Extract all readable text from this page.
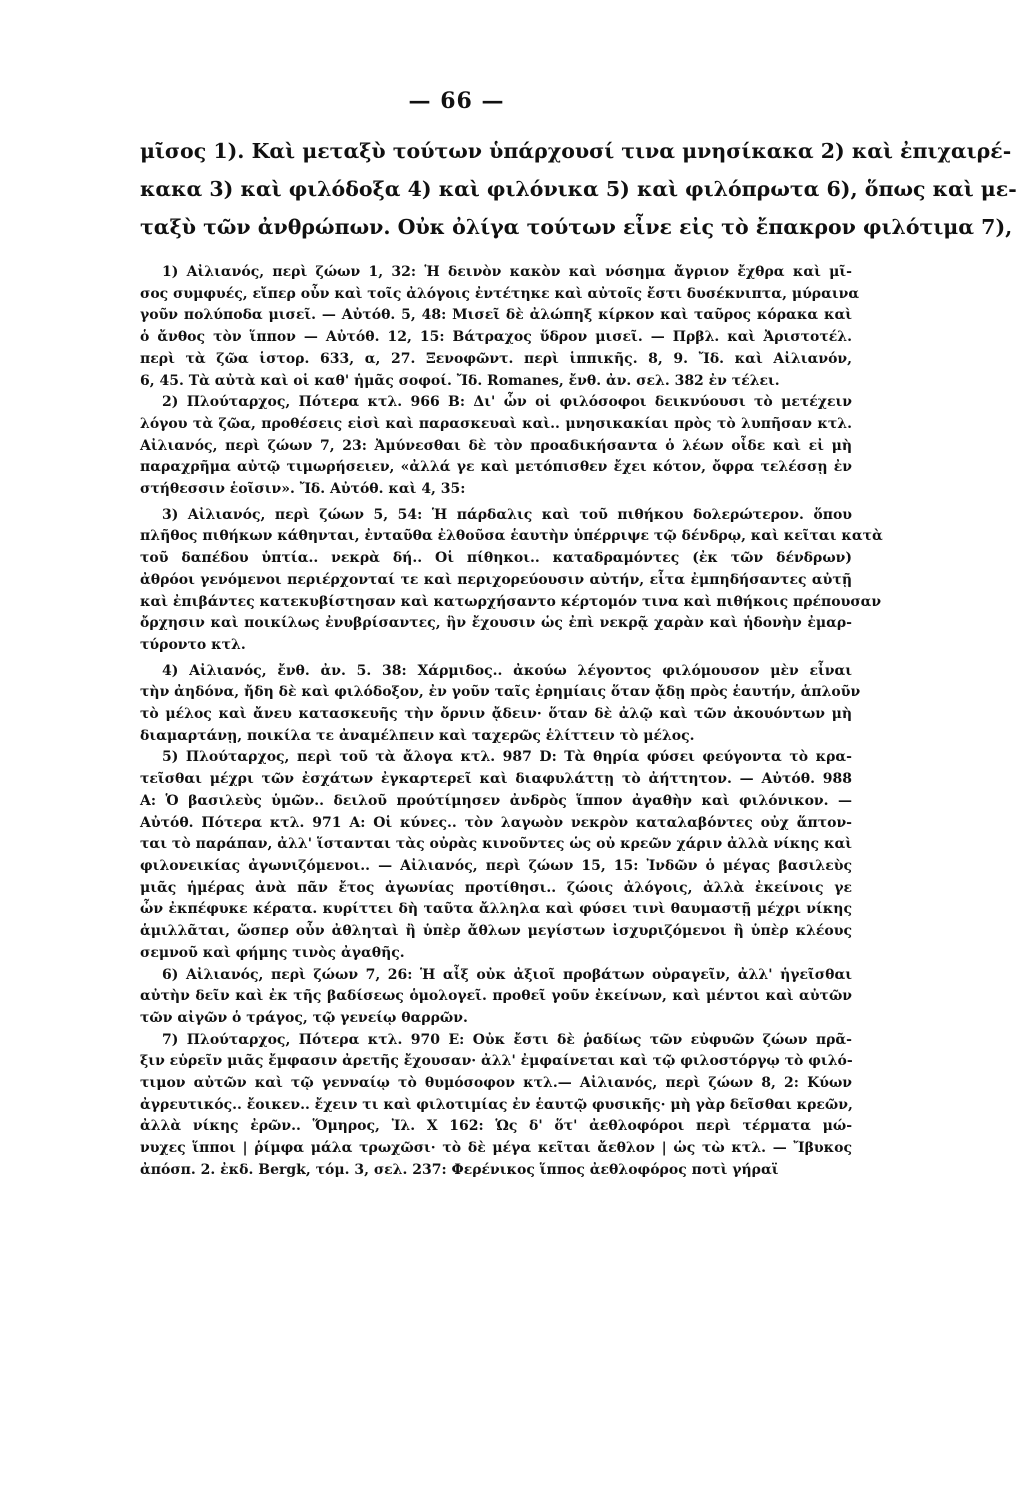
— 66 —
μῖσος 1). Καὶ μεταξὺ τούτων ὑπάρχουσί τινα μνησίκακα 2) καὶ ἐπιχαιρέ-
κακα 3) καὶ φιλόδοξα 4) καὶ φιλόνικα 5) καὶ φιλόπρωτα 6), ὅπως καὶ με-
ταξὺ τῶν ἀνθρώπων. Οὐκ ὀλίγα τούτων εἶνε εἰς τὸ ἔπακρον φιλότιμα 7),
1) Αἰλιανός, περὶ ζώων 1, 32: Ἡ δεινὸν κακὸν καὶ νόσημα ἄγριον ἔχθρα καὶ μῖ-
σος συμφυές, εἴπερ οὖν καὶ τοῖς ἀλόγοις ἐντέτηκε καὶ αὐτοῖς ἔστι δυσέκνιπτα, μύραινα
γοῦν πολύποδα μισεῖ. — Αὐτόθ. 5, 48: Μισεῖ δὲ ἀλώπηξ κίρκον καὶ ταῦρος κόρακα καὶ
ὁ ἄνθος τὸν ἵππον — Αὐτόθ. 12, 15: Βάτραχος ὕδρον μισεῖ. — Πρβλ. καὶ Ἀριστοτέλ.
περὶ τὰ ζῶα ἱστορ. 633, α, 27. Ξενοφῶντ. περὶ ἱππικῆς. 8, 9. Ἴδ. καὶ Αἰλιανόν,
6, 45. Τὰ αὐτὰ καὶ οἱ καθ' ἡμᾶς σοφοί. Ἴδ. Romanes, ἔνθ. ἀν. σελ. 382 ἐν τέλει.
2) Πλούταρχος, Πότερα κτλ. 966 Β: Δι' ὧν οἱ φιλόσοφοι δεικνύουσι τὸ μετέχειν
λόγου τὰ ζῶα, προθέσεις εἰσὶ καὶ παρασκευαὶ καὶ.. μνησικακίαι πρὸς τὸ λυπῆσαν κτλ.
Αἰλιανός, περὶ ζώων 7, 23: Ἀμύνεσθαι δὲ τὸν προαδικήσαντα ὁ λέων οἶδε καὶ εἰ μὴ
παραχρῆμα αὐτῷ τιμωρήσειεν, «ἀλλά γε καὶ μετόπισθεν ἔχει κότον, ὄφρα τελέσσῃ ἐν
στήθεσσιν ἑοῖσιν». Ἴδ. Αὐτόθ. καὶ 4, 35:
3) Αἰλιανός, περὶ ζώων 5, 54: Ἡ πάρδαλις καὶ τοῦ πιθήκου δολερώτερον. ὅπου
πλῆθος πιθήκων κάθηνται, ἐνταῦθα ἐλθοῦσα ἑαυτὴν ὑπέρριψε τῷ δένδρῳ, καὶ κεῖται κατὰ
τοῦ δαπέδου ὑπτία.. νεκρὰ δή.. Οἱ πίθηκοι.. καταδραμόντες (ἐκ τῶν δένδρων)
ἀθρόοι γενόμενοι περιέρχονταί τε καὶ περιχορεύουσιν αὐτήν, εἶτα ἐμπηδήσαντες αὐτῇ
καὶ ἐπιβάντες κατεκυβίστησαν καὶ κατωρχήσαντο κέρτομόν τινα καὶ πιθήκοις πρέπουσαν
ὄρχησιν καὶ ποικίλως ἐνυβρίσαντες, ἣν ἔχουσιν ὡς ἐπὶ νεκρᾷ χαρὰν καὶ ἡδονὴν ἐμαρ-
τύροντο κτλ.
4) Αἰλιανός, ἔνθ. ἀν. 5. 38: Χάρμιδος.. ἀκούω λέγοντος φιλόμουσον μὲν εἶναι
τὴν ἀηδόνα, ἤδη δὲ καὶ φιλόδοξον, ἐν γοῦν ταῖς ἐρημίαις ὅταν ᾄδῃ πρὸς ἑαυτήν, ἁπλοῦν
τὸ μέλος καὶ ἄνευ κατασκευῆς τὴν ὄρνιν ᾄδειν· ὅταν δὲ ἀλῷ καὶ τῶν ἀκουόντων μὴ
διαμαρτάνῃ, ποικίλα τε ἀναμέλπειν καὶ ταχερῶς ἑλίττειν τὸ μέλος.
5) Πλούταρχος, περὶ τοῦ τὰ ἄλογα κτλ. 987 D: Τὰ θηρία φύσει φεύγοντα τὸ κρα-
τεῖσθαι μέχρι τῶν ἐσχάτων ἐγκαρτερεῖ καὶ διαφυλάττῃ τὸ ἀήττητον. — Αὐτόθ. 988
Α: Ὁ βασιλεὺς ὑμῶν.. δειλοῦ προύτίμησεν ἀνδρὸς ἵππον ἀγαθὴν καὶ φιλόνικον. —
Αὐτόθ. Πότερα κτλ. 971 Α: Οἱ κύνες.. τὸν λαγωὸν νεκρὸν καταλαβόντες οὐχ ἅπτον-
ται τὸ παράπαν, ἀλλ' ἵστανται τὰς οὐρὰς κινοῦντες ὡς οὐ κρεῶν χάριν ἀλλὰ νίκης καὶ
φιλονεικίας ἀγωνιζόμενοι.. — Αἰλιανός, περὶ ζώων 15, 15: Ἰνδῶν ὁ μέγας βασιλεὺς
μιᾶς ἡμέρας ἀνὰ πᾶν ἔτος ἀγωνίας προτίθησι.. ζώοις ἀλόγοις, ἀλλὰ ἐκείνοις γε
ὧν ἐκπέφυκε κέρατα. κυρίττει δὴ ταῦτα ἄλληλα καὶ φύσει τινὶ θαυμαστῇ μέχρι νίκης
ἁμιλλᾶται, ὥσπερ οὖν ἀθληταὶ ἢ ὑπὲρ ἄθλων μεγίστων ἰσχυριζόμενοι ἢ ὑπὲρ κλέους
σεμνοῦ καὶ φήμης τινὸς ἀγαθῆς.
6) Αἰλιανός, περὶ ζώων 7, 26: Ἡ αἶξ οὐκ ἀξιοῖ προβάτων οὐραγεῖν, ἀλλ' ἡγεῖσθαι
αὐτὴν δεῖν καὶ ἐκ τῆς βαδίσεως ὁμολογεῖ. προθεῖ γοῦν ἐκείνων, καὶ μέντοι καὶ αὐτῶν
τῶν αἰγῶν ὁ τράγος, τῷ γενείῳ θαρρῶν.
7) Πλούταρχος, Πότερα κτλ. 970 Ε: Οὐκ ἔστι δὲ ῥαδίως τῶν εὐφυῶν ζώων πρᾶ-
ξιν εὑρεῖν μιᾶς ἔμφασιν ἀρετῆς ἔχουσαν· ἀλλ' ἐμφαίνεται καὶ τῷ φιλοστόργῳ τὸ φιλό-
τιμον αὐτῶν καὶ τῷ γενναίῳ τὸ θυμόσοφον κτλ.— Αἰλιανός, περὶ ζώων 8, 2: Κύων
ἀγρευτικός.. ἔοικεν.. ἔχειν τι καὶ φιλοτιμίας ἐν ἑαυτῷ φυσικῆς· μὴ γὰρ δεῖσθαι κρεῶν,
ἀλλὰ νίκης ἐρῶν.. Ὅμηρος, Ἰλ. Χ 162: Ὡς δ' ὅτ' ἀεθλοφόροι περὶ τέρματα μώ-
νυχες ἵπποι | ῥίμφα μάλα τρωχῶσι· τὸ δὲ μέγα κεῖται ἄεθλον | ὡς τὼ κτλ. — Ἴβυκος
ἀπόσπ. 2. ἐκδ. Bergk, τόμ. 3, σελ. 237: Φερένικος ἵππος ἀεθλοφόρος ποτὶ γήραϊ
